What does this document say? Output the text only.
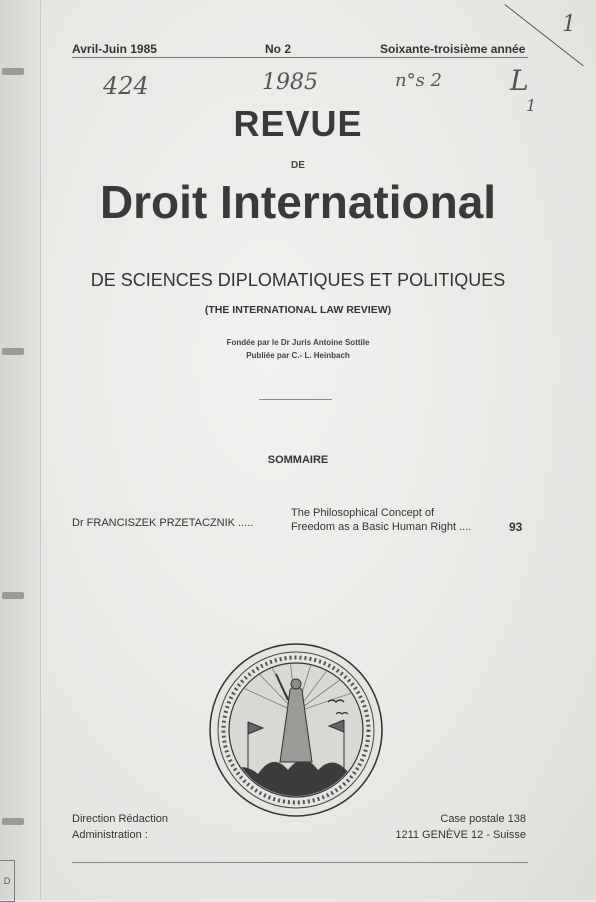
D
Avril-Juin 1985	No 2	Soixante-troisième année
424	1985	n°s 2 L
1
1
REVUE
DE
Droit International
DE SCIENCES DIPLOMATIQUES ET POLITIQUES
(THE INTERNATIONAL LAW REVIEW)
Fondée par le Dr Juris Antoine Sottile
Publiée par C.- L. Heinbach
SOMMAIRE
Dr FRANCISZEK PRZETACZNIK .....
The Philosophical Concept of
Freedom as a Basic Human Right ....	93
Direction Rédaction
Administration :
Case postale 138
1211 GENÈVE 12 - Suisse
